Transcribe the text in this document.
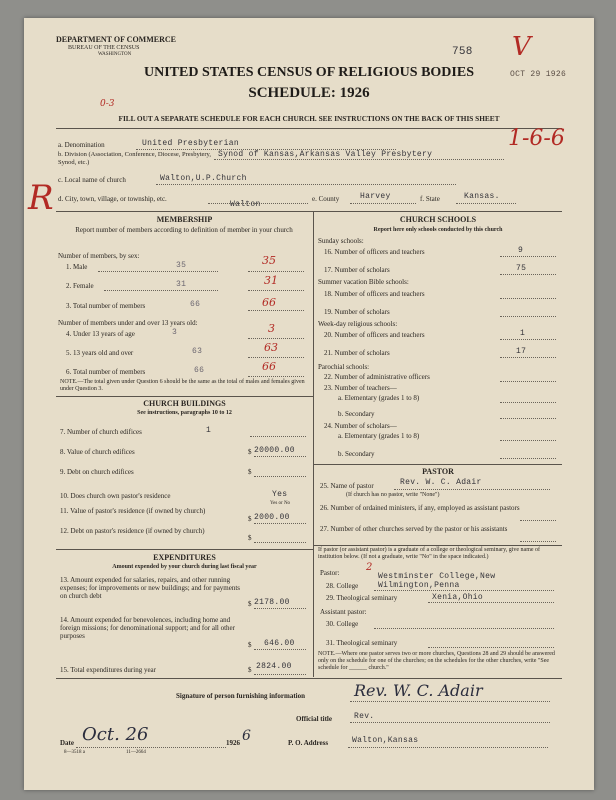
DEPARTMENT OF COMMERCE
BUREAU OF THE CENSUS
WASHINGTON	758 V
OCT 29 1926
UNITED STATES CENSUS OF RELIGIOUS BODIES
SCHEDULE: 1926
0-3
FILL OUT A SEPARATE SCHEDULE FOR EACH CHURCH. SEE INSTRUCTIONS ON THE BACK OF THIS SHEET
1-6-6
R
a. Denomination	United Presbyterian
b. Division (Association, Conference, Diocese, Presbytery, Synod, etc.)
Synod of Kansas,Arkansas Valley Presbytery
c. Local name of church	Walton,U.P.Church
d. City, town, village, or township, etc.
Walton
e. County	Harvey	f. State	Kansas.
MEMBERSHIP
Report number of members according to definition of member in your church
Number of members, by sex:
1. Male	35	35
2. Female	31	31
3. Total number of members	66	66
Number of members under and over 13 years old:
4. Under 13 years of age	3	3
5. 13 years old and over	63	63
6. Total number of members	66	66
NOTE.—The total given under Question 6 should be the same as the total of males and females given under Question 3.
CHURCH BUILDINGS
See instructions, paragraphs 10 to 12
7. Number of church edifices	1
8. Value of church edifices	$ 20000.00
9. Debt on church edifices	$
10. Does church own pastor's residence	Yes
Yes or No
11. Value of pastor's residence (if owned by church)
$ 2000.00
12. Debt on pastor's residence (if owned by church)
$
EXPENDITURES
Amount expended by your church during last fiscal year
13. Amount expended for salaries, repairs, and other running expenses; for improvements or new buildings; and for payments on church debt
$ 2178.00
14. Amount expended for benevolences, including home and foreign missions; for denominational support; and for all other purposes
$ 646.00
15. Total expenditures during year	$ 2824.00
CHURCH SCHOOLS
Report here only schools conducted by this church
Sunday schools:
16. Number of officers and teachers	9
17. Number of scholars	75
Summer vacation Bible schools:
18. Number of officers and teachers
19. Number of scholars
Week-day religious schools:
20. Number of officers and teachers	1
21. Number of scholars	17
Parochial schools:
22. Number of administrative officers
23. Number of teachers—
a. Elementary (grades 1 to 8)
b. Secondary
24. Number of scholars—
a. Elementary (grades 1 to 8)
b. Secondary
PASTOR
25. Name of pastor	Rev. W. C. Adair
(If church has no pastor, write "None")
26. Number of ordained ministers, if any, employed as assistant pastors
27. Number of other churches served by the pastor or his assistants
If pastor (or assistant pastor) is a graduate of a college or theological seminary, give name of institution below. (If not a graduate, write "No" in the space indicated.)
Pastor:	2
28. College
Westminster College,New Wilmington,Penna
29. Theological seminary	Xenia,Ohio
Assistant pastor:
30. College
31. Theological seminary
NOTE.—Where one pastor serves two or more churches, Questions 28 and 29 should be answered only on the schedule for one of the churches; on the schedules for the other churches, write "See schedule for ______ church."
Signature of person furnishing information	Rev. W. C. Adair
Official title	Rev.
Date Oct. 26	1926 6
8—3518 a	11—2664
P. O. Address	Walton,Kansas
